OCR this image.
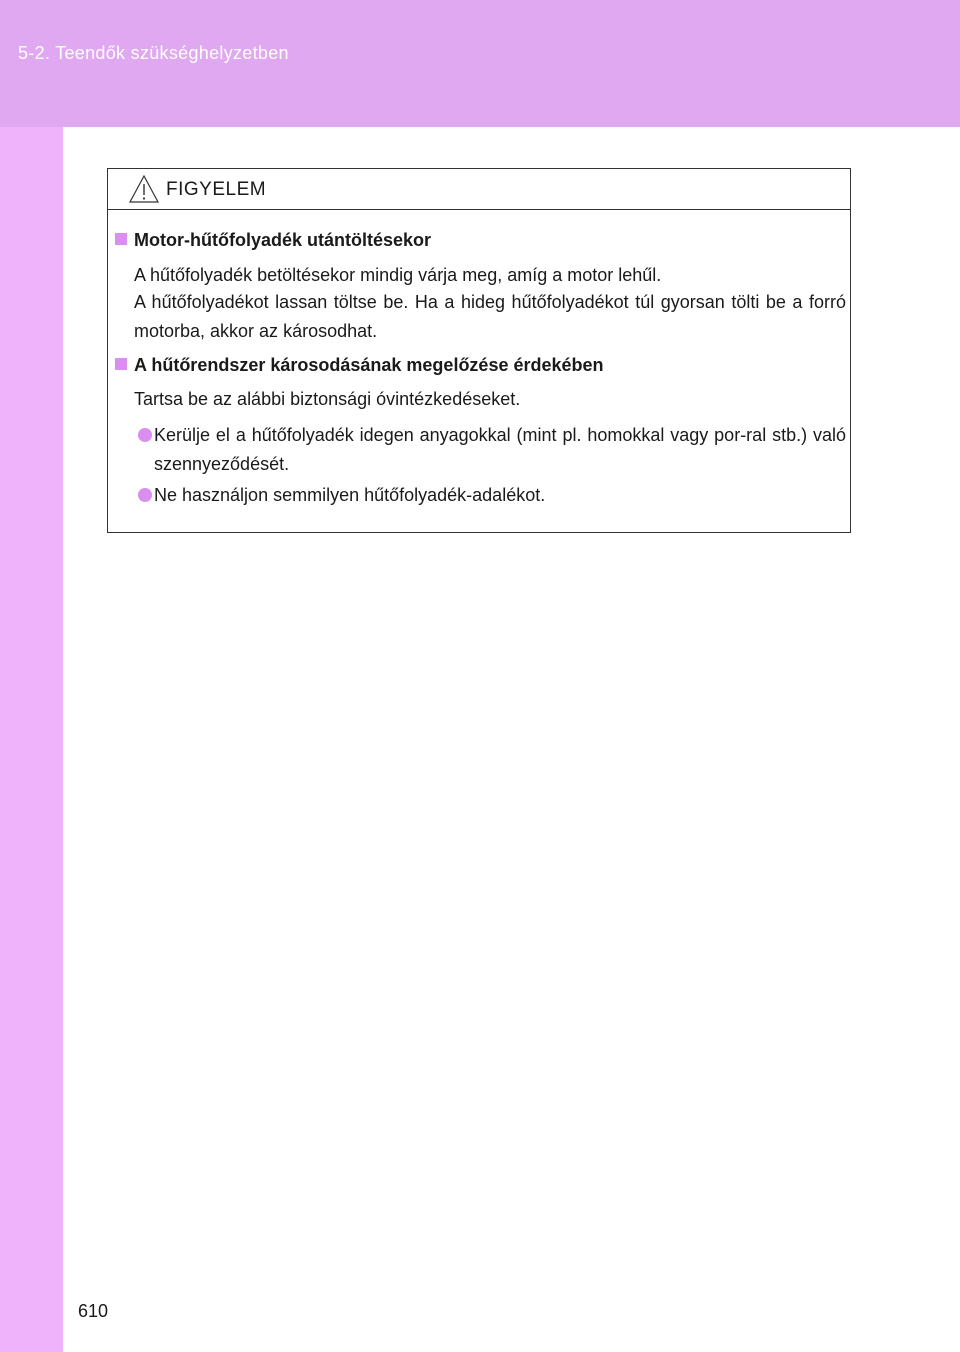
5-2. Teendők szükséghelyzetben
FIGYELEM
Motor-hűtőfolyadék utántöltésekor
A hűtőfolyadék betöltésekor mindig várja meg, amíg a motor lehűl.
A hűtőfolyadékot lassan töltse be. Ha a hideg hűtőfolyadékot túl gyorsan tölti be a forró motorba, akkor az károsodhat.
A hűtőrendszer károsodásának megelőzése érdekében
Tartsa be az alábbi biztonsági óvintézkedéseket.
Kerülje el a hűtőfolyadék idegen anyagokkal (mint pl. homokkal vagy por-ral stb.) való szennyeződését.
Ne használjon semmilyen hűtőfolyadék-adalékot.
610
